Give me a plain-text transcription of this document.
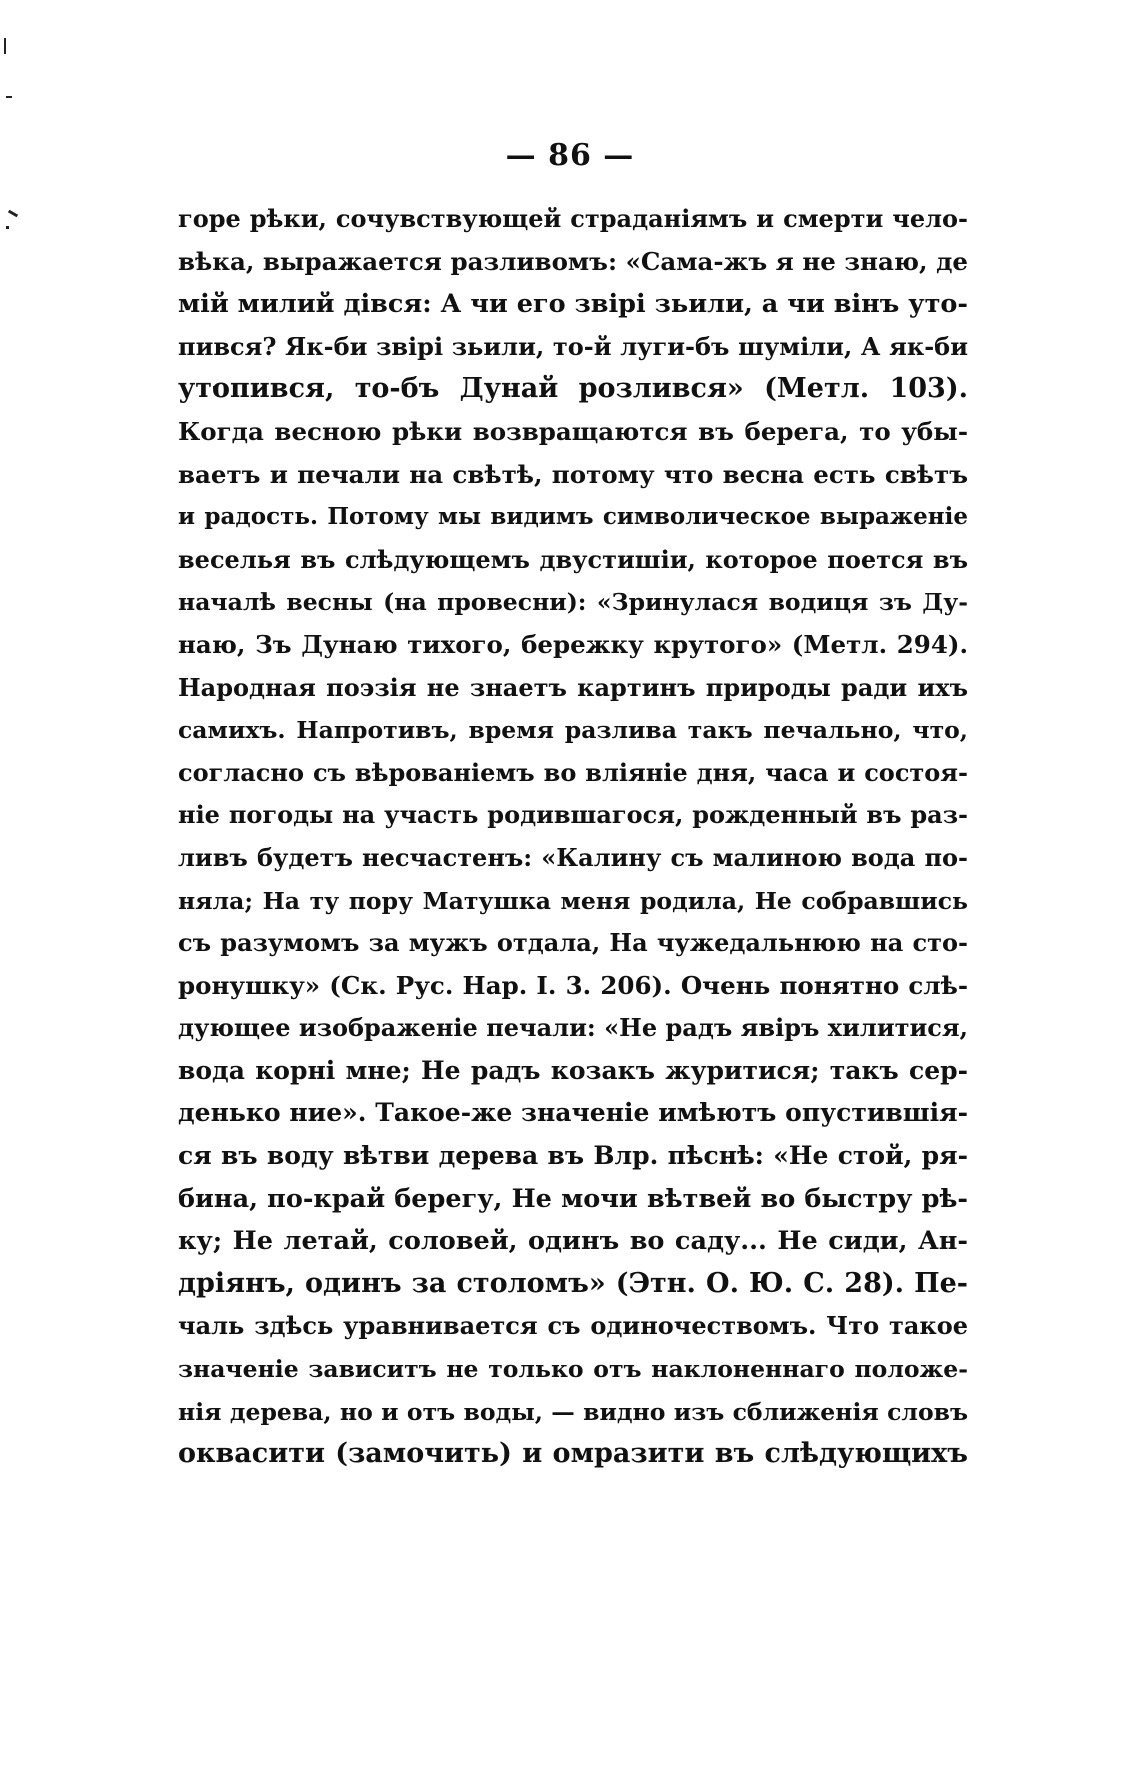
— 86 —
горе рѣки, сочувствующей страданіямъ и смерти чело-
вѣка, выражается разливомъ: «Сама-жъ я не знаю, де
мій милий дівся: А чи его звірі зьили, а чи вінъ уто-
пився? Як-би звірі зьили, то-й луги-бъ шуміли, А як-би
утопився, то-бъ Дунай розлився» (Метл. 103).
Когда весною рѣки возвращаются въ берега, то убы-
ваетъ и печали на свѣтѣ, потому что весна есть свѣтъ
и радость. Потому мы видимъ символическое выраженіе
веселья въ слѣдующемъ двустишіи, которое поется въ
началѣ весны (на провесни): «Зринулася водиця зъ Ду-
наю, Зъ Дунаю тихого, бережку крутого» (Метл. 294).
Народная поэзія не знаетъ картинъ природы ради ихъ
самихъ. Напротивъ, время разлива такъ печально, что,
согласно съ вѣрованіемъ во вліяніе дня, часа и состоя-
ніе погоды на участь родившагося, рожденный въ раз-
ливъ будетъ несчастенъ: «Калину съ малиною вода по-
няла; На ту пору Матушка меня родила, Не собравшись
съ разумомъ за мужъ отдала, На чужедальнюю на сто-
ронушку» (Ск. Рус. Нар. I. 3. 206). Очень понятно слѣ-
дующее изображеніе печали: «Не радъ явіръ хилитися,
вода корні мне; Не радъ козакъ журитися; такъ сер-
денько ние». Такое-же значеніе имѣютъ опустившія-
ся въ воду вѣтви дерева въ Влр. пѣснѣ: «Не стой, ря-
бина, по-край берегу, Не мочи вѣтвей во быстру рѣ-
ку; Не летай, соловей, одинъ во саду... Не сиди, Ан-
дріянъ, одинъ за столомъ» (Этн. О. Ю. С. 28). Пе-
чаль здѣсь уравнивается съ одиночествомъ. Что такое
значеніе зависитъ не только отъ наклоненнаго положе-
нія дерева, но и отъ воды, — видно изъ сближенія словъ
оквасити (замочить) и омразити въ слѣдующихъ
